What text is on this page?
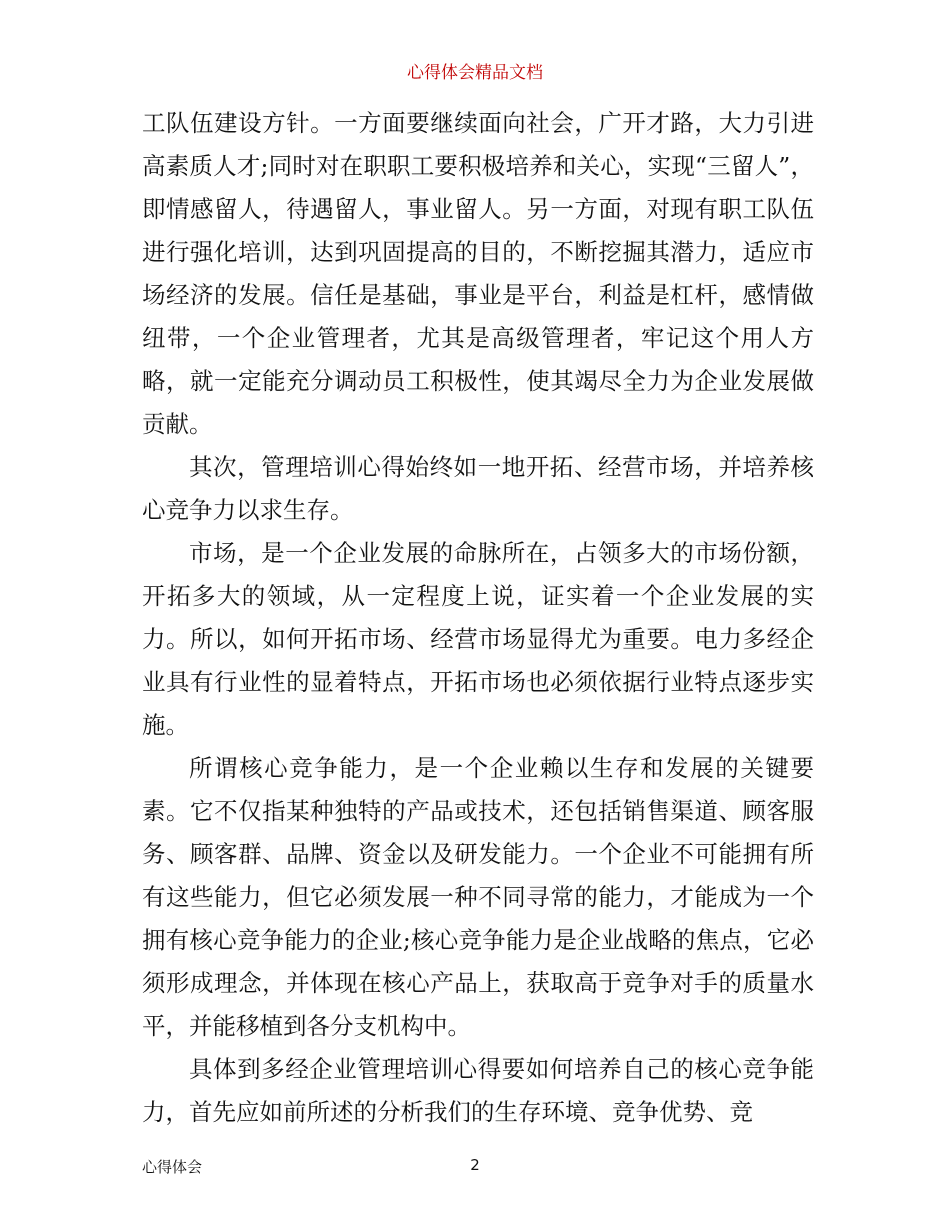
心得体会精品文档

工队伍建设方针。一方面要继续面向社会，广开才路，大力引进高素质人才;同时对在职职工要积极培养和关心，实现“三留人”，即情感留人，待遇留人，事业留人。另一方面，对现有职工队伍进行强化培训，达到巩固提高的目的，不断挖掘其潜力，适应市场经济的发展。信任是基础，事业是平台，利益是杠杆，感情做纽带，一个企业管理者，尤其是高级管理者，牢记这个用人方略，就一定能充分调动员工积极性，使其竭尽全力为企业发展做贡献。

其次，管理培训心得始终如一地开拓、经营市场，并培养核心竞争力以求生存。

市场，是一个企业发展的命脉所在，占领多大的市场份额，开拓多大的领域，从一定程度上说，证实着一个企业发展的实力。所以，如何开拓市场、经营市场显得尤为重要。电力多经企业具有行业性的显着特点，开拓市场也必须依据行业特点逐步实施。

所谓核心竞争能力，是一个企业赖以生存和发展的关键要素。它不仅指某种独特的产品或技术，还包括销售渠道、顾客服务、顾客群、品牌、资金以及研发能力。一个企业不可能拥有所有这些能力，但它必须发展一种不同寻常的能力，才能成为一个拥有核心竞争能力的企业;核心竞争能力是企业战略的焦点，它必须形成理念，并体现在核心产品上，获取高于竞争对手的质量水平，并能移植到各分支机构中。

具体到多经企业管理培训心得要如何培养自己的核心竞争能力，首先应如前所述的分析我们的生存环境、竞争优势、竞

心得体会	2
